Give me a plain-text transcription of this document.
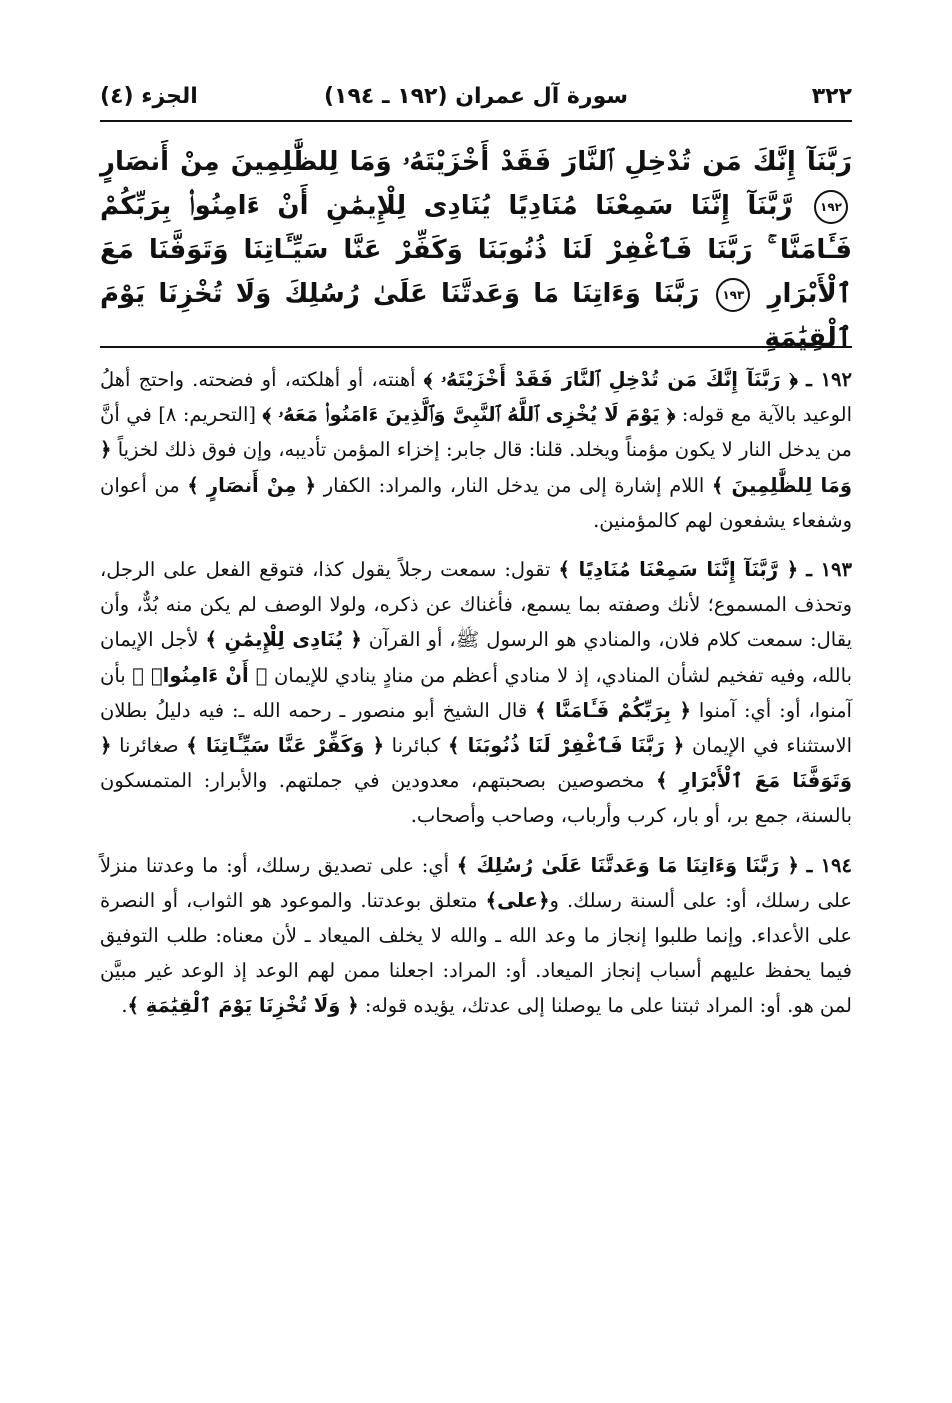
٣٢٢
سورة آل عمران (١٩٢ ـ ١٩٤)
الجزء (٤)
رَبَّنَآ إِنَّكَ مَن تُدْخِلِ ٱلنَّارَ فَقَدْ أَخْزَيْتَهُۥ وَمَا لِلظَّٰلِمِينَ مِنْ أَنصَارٍ ١٩٢ رَّبَّنَآ إِنَّنَا سَمِعْنَا مُنَادِيًا يُنَادِى لِلْإِيمَٰنِ أَنْ ءَامِنُوا۟ بِرَبِّكُمْ فَـَٔامَنَّا ۚ رَبَّنَا فَٱغْفِرْ لَنَا ذُنُوبَنَا وَكَفِّرْ عَنَّا سَيِّـَٔاتِنَا وَتَوَفَّنَا مَعَ ٱلْأَبْرَارِ ١٩٣ رَبَّنَا وَءَاتِنَا مَا وَعَدتَّنَا عَلَىٰ رُسُلِكَ وَلَا تُخْزِنَا يَوْمَ ٱلْقِيَٰمَةِ

١٩٢ ـ ﴿ رَبَّنَآ إِنَّكَ مَن تُدْخِلِ ٱلنَّارَ فَقَدْ أَخْزَيْتَهُۥ ﴾ أهنته، أو أهلكته، أو فضحته. واحتج أهلُ الوعيد بالآية مع قوله: ﴿ يَوْمَ لَا يُخْزِى ٱللَّهُ ٱلنَّبِىَّ وَٱلَّذِينَ ءَامَنُوا۟ مَعَهُۥ ﴾ [التحريم: ٨] في أنَّ من يدخل النار لا يكون مؤمناً ويخلد. قلنا: قال جابر: إخزاء المؤمن تأديبه، وإن فوق ذلك لخزياً ﴿ وَمَا لِلظَّٰلِمِينَ ﴾ اللام إشارة إلى من يدخل النار، والمراد: الكفار ﴿ مِنْ أَنصَارٍ ﴾ من أعوان وشفعاء يشفعون لهم كالمؤمنين.

١٩٣ ـ ﴿ رَّبَّنَآ إِنَّنَا سَمِعْنَا مُنَادِيًا ﴾ تقول: سمعت رجلاً يقول كذا، فتوقع الفعل على الرجل، وتحذف المسموع؛ لأنك وصفته بما يسمع، فأغناك عن ذكره، ولولا الوصف لم يكن منه بُدٌّ، وأن يقال: سمعت كلام فلان، والمنادي هو الرسول ﷺ، أو القرآن ﴿ يُنَادِى لِلْإِيمَٰنِ ﴾ لأجل الإيمان بالله، وفيه تفخيم لشأن المنادي، إذ لا منادي أعظم من منادٍ ينادي للإيمان ﴿ أَنْ ءَامِنُوا۟ ﴾ بأن آمنوا، أو: أي: آمنوا ﴿ بِرَبِّكُمْ فَـَٔامَنَّا ﴾ قال الشيخ أبو منصور ـ رحمه الله ـ: فيه دليلُ بطلان الاستثناء في الإيمان ﴿ رَبَّنَا فَٱغْفِرْ لَنَا ذُنُوبَنَا ﴾ كبائرنا ﴿ وَكَفِّرْ عَنَّا سَيِّـَٔاتِنَا ﴾ صغائرنا ﴿ وَتَوَفَّنَا مَعَ ٱلْأَبْرَارِ ﴾ مخصوصين بصحبتهم، معدودين في جملتهم. والأبرار: المتمسكون بالسنة، جمع بر، أو بار، كرب وأرباب، وصاحب وأصحاب.

١٩٤ ـ ﴿ رَبَّنَا وَءَاتِنَا مَا وَعَدتَّنَا عَلَىٰ رُسُلِكَ ﴾ أي: على تصديق رسلك، أو: ما وعدتنا منزلاً على رسلك، أو: على ألسنة رسلك. و﴿على﴾ متعلق بوعدتنا. والموعود هو الثواب، أو النصرة على الأعداء. وإنما طلبوا إنجاز ما وعد الله ـ والله لا يخلف الميعاد ـ لأن معناه: طلب التوفيق فيما يحفظ عليهم أسباب إنجاز الميعاد. أو: المراد: اجعلنا ممن لهم الوعد إذ الوعد غير مبيَّن لمن هو. أو: المراد ثبتنا على ما يوصلنا إلى عدتك، يؤيده قوله: ﴿ وَلَا تُخْزِنَا يَوْمَ ٱلْقِيَٰمَةِ ﴾.
